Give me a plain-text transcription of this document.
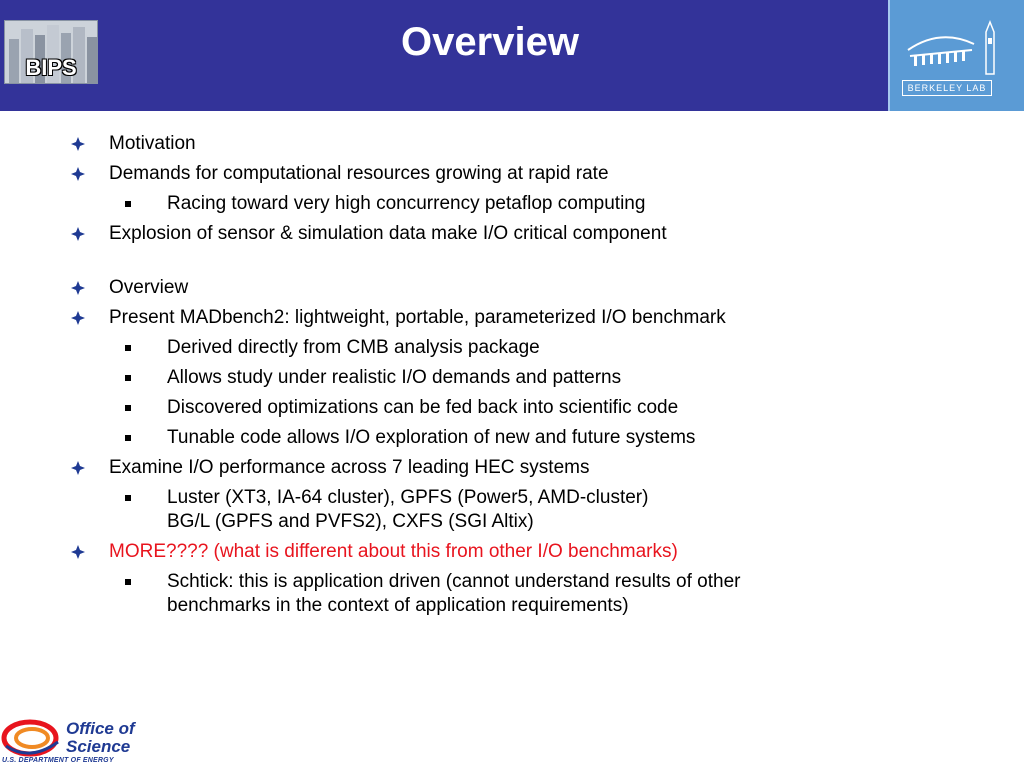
BIPS
Overview
BERKELEY LAB
Motivation
Demands for computational resources growing at rapid rate
Racing toward very high concurrency petaflop computing
Explosion of sensor & simulation data make I/O critical component
Overview
Present MADbench2: lightweight, portable, parameterized I/O benchmark
Derived directly from CMB analysis package
Allows study under realistic I/O demands and patterns
Discovered optimizations can be fed back into scientific code
Tunable code allows I/O exploration of new and future systems
Examine I/O performance across 7 leading HEC systems
Luster (XT3, IA-64 cluster), GPFS (Power5, AMD-cluster)
BG/L (GPFS and PVFS2), CXFS (SGI Altix)
MORE???? (what is different about this from other I/O benchmarks)
Schtick: this is application driven (cannot understand results of other
benchmarks in the context of application requirements)
Office of
Science
U.S. DEPARTMENT OF ENERGY
